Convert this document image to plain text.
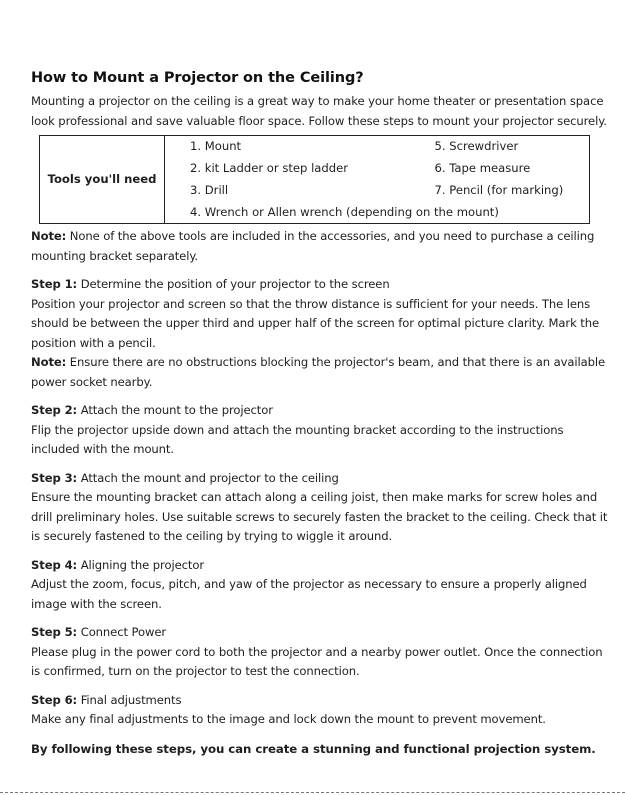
How to Mount a Projector on the Ceiling?

Mounting a projector on the ceiling is a great way to make your home theater or presentation space look professional and save valuable floor space. Follow these steps to mount your projector securely.

Tools you'll need	1. Mount	5. Screwdriver
	2. kit Ladder or step ladder	6. Tape measure
	3. Drill	7. Pencil (for marking)
	4. Wrench or Allen wrench (depending on the mount)	

Note: None of the above tools are included in the accessories, and you need to purchase a ceiling mounting bracket separately.

Step 1: Determine the position of your projector to the screen

Position your projector and screen so that the throw distance is sufficient for your needs. The lens should be between the upper third and upper half of the screen for optimal picture clarity. Mark the position with a pencil.

Note: Ensure there are no obstructions blocking the projector's beam, and that there is an available power socket nearby.

Step 2: Attach the mount to the projector

Flip the projector upside down and attach the mounting bracket according to the instructions included with the mount.

Step 3: Attach the mount and projector to the ceiling

Ensure the mounting bracket can attach along a ceiling joist, then make marks for screw holes and drill preliminary holes. Use suitable screws to securely fasten the bracket to the ceiling. Check that it is securely fastened to the ceiling by trying to wiggle it around.

Step 4: Aligning the projector

Adjust the zoom, focus, pitch, and yaw of the projector as necessary to ensure a properly aligned image with the screen.

Step 5: Connect Power

Please plug in the power cord to both the projector and a nearby power outlet. Once the connection is confirmed, turn on the projector to test the connection.

Step 6: Final adjustments

Make any final adjustments to the image and lock down the mount to prevent movement.

By following these steps, you can create a stunning and functional projection system.
